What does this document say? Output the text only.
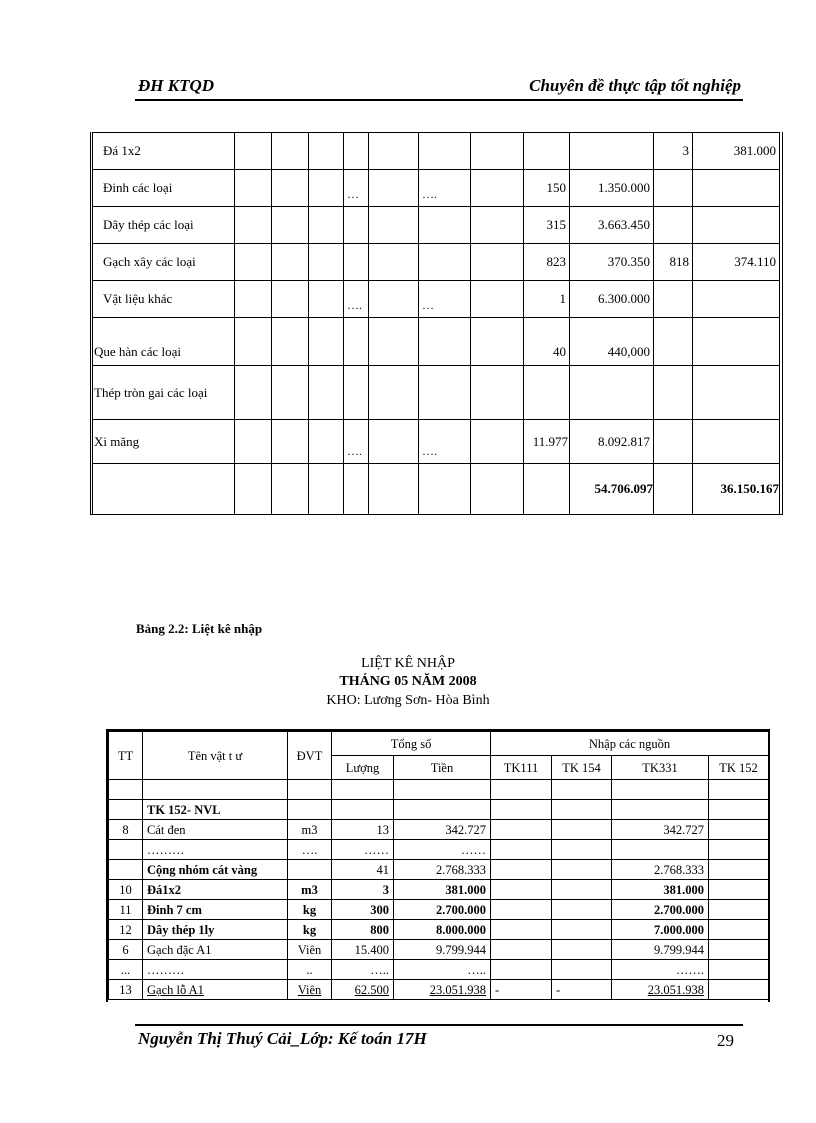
ĐH KTQD	Chuyên đề thực tập tốt nghiệp
Đá 1x2										3	381.000
Đinh các loại				…		….		150	1.350.000		
Dây thép các loại								315	3.663.450		
Gạch xây các loại								823	370.350	818	374.110
Vật liệu khác				….		…		1	6.300.000		
Que hàn các loại								40	440,000		
Thép tròn gai các loại											
Xi măng				….		….		11.977	8.092.817		
									54.706.097		36.150.167
Bảng 2.2: Liệt kê nhập
LIỆT KÊ NHẬP
THÁNG 05 NĂM 2008
KHO: Lương Sơn- Hòa Bình
TT	Tên vật t ư	ĐVT	Tổng số		Nhập các nguồn			
			Lượng	Tiền	TK111	TK 154	TK331	TK 152

	TK 152- NVL							
8	Cát đen	m3	13	342.727			342.727	
	………	….	……	……				
	Cộng nhóm cát vàng		41	2.768.333			2.768.333	
10	Đá1x2	m3	3	381.000			381.000	
11	Đinh 7 cm	kg	300	2.700.000			2.700.000	
12	Dây thép 1ly	kg	800	8.000.000			7.000.000	
6	Gạch đặc A1	Viên	15.400	9.799.944			9.799.944	
...	………	..	…..	…..			…….	
13	Gạch lỗ A1	Viên	62.500	23.051.938	-	-	23.051.938	
Nguyễn Thị Thuý Cải_Lớp: Kế toán 17H	29
